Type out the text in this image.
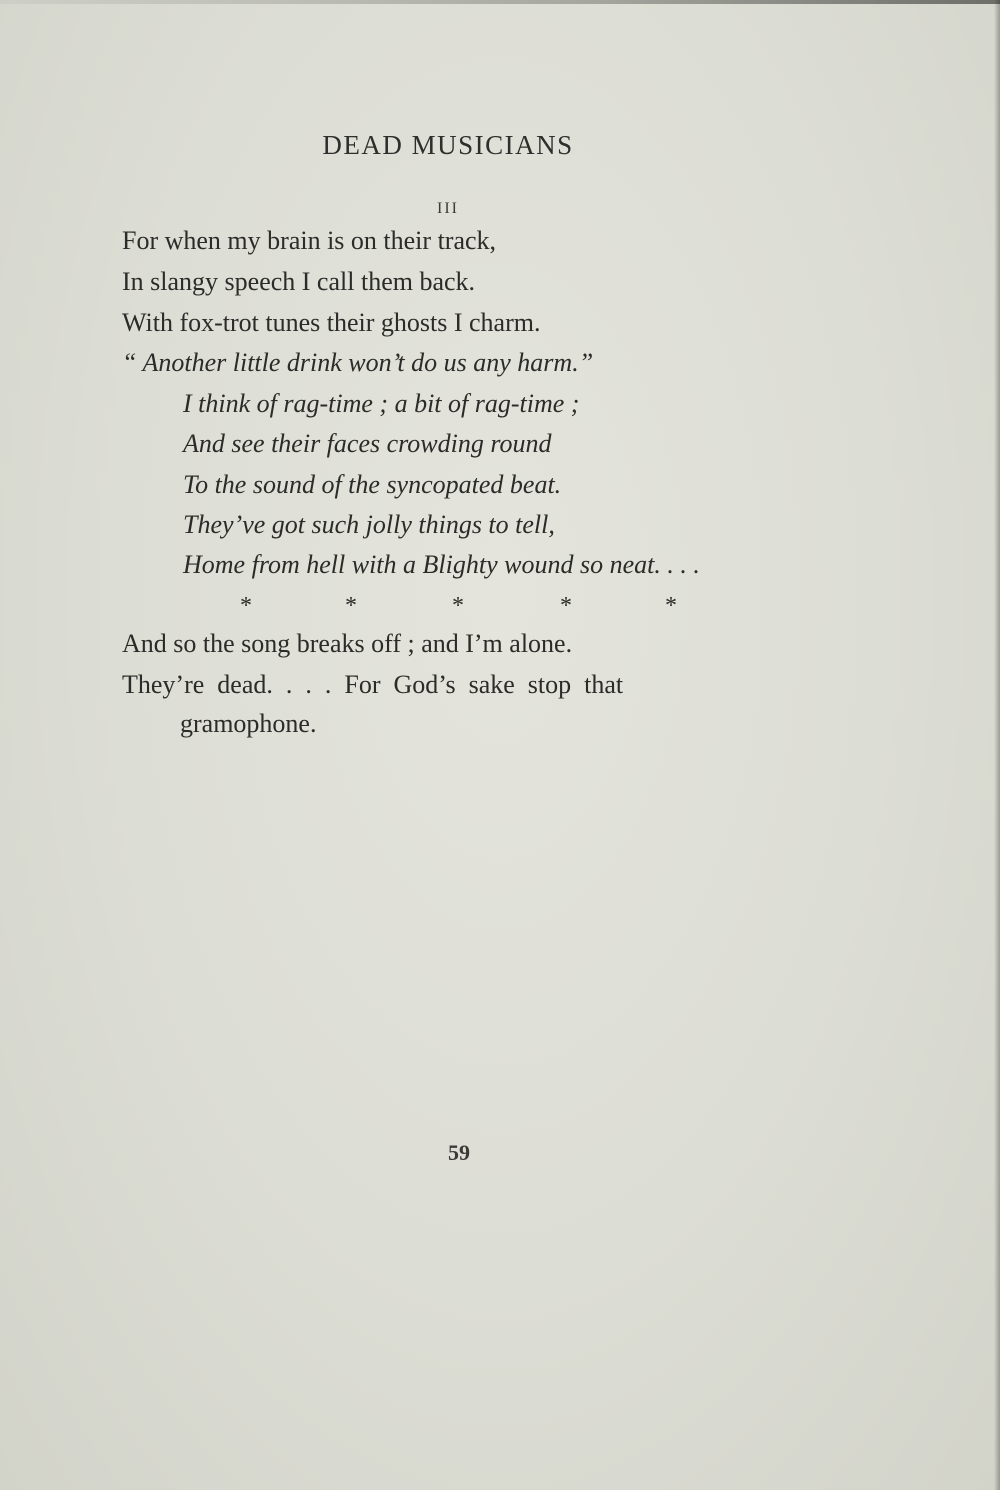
DEAD MUSICIANS
III
For when my brain is on their track,
In slangy speech I call them back.
With fox-trot tunes their ghosts I charm.
“ Another little drink won’t do us any harm.”
I think of rag-time ; a bit of rag-time ;
And see their faces crowding round
To the sound of the syncopated beat.
They’ve got such jolly things to tell,
Home from hell with a Blighty wound so neat. . . .
*	*	*	*	*
And so the song breaks off ; and I’m alone.
They’re  dead.  .  .  .  For  God’s  sake  stop  that
gramophone.
59
